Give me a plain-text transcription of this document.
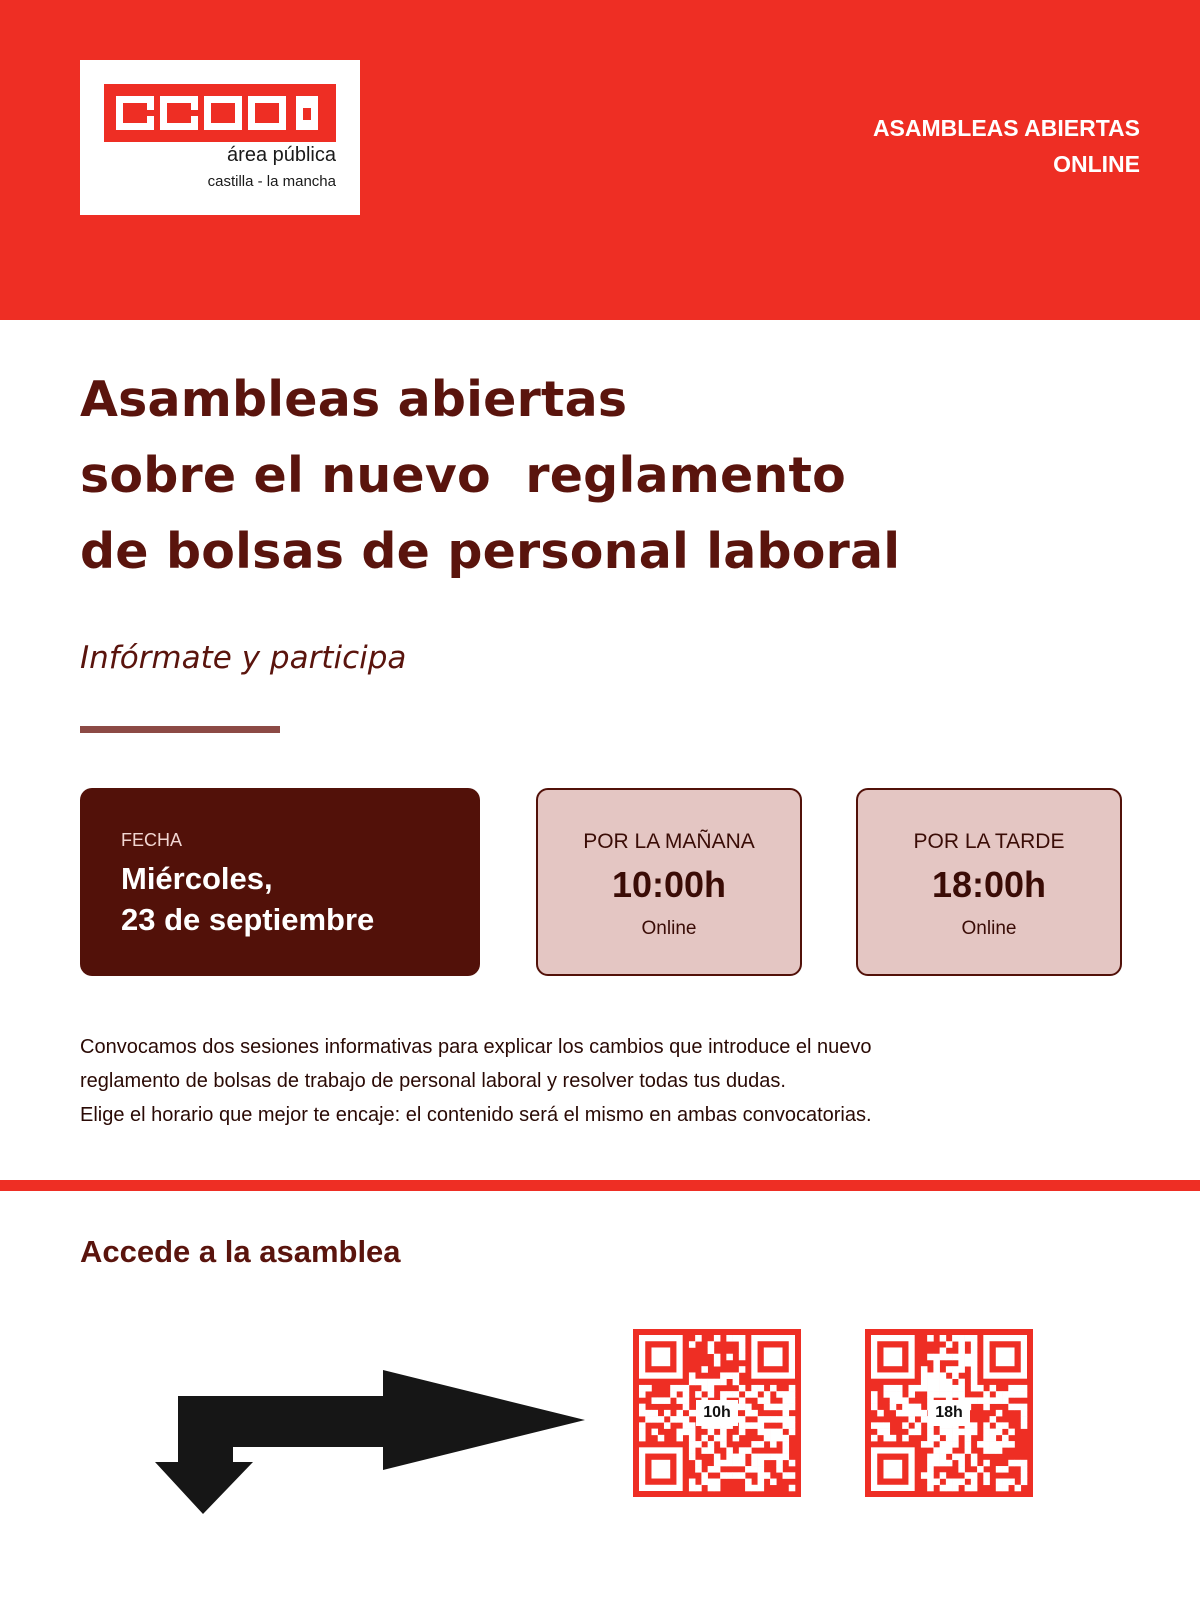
área pública
castilla - la mancha
ASAMBLEAS ABIERTAS
ONLINE
Asambleas abiertas
sobre el nuevo  reglamento
de bolsas de personal laboral
Infórmate y participa
FECHA
Miércoles,
23 de septiembre
POR LA MAÑANA
10:00h
Online
POR LA TARDE
18:00h
Online
Convocamos dos sesiones informativas para explicar los cambios que introduce el nuevo
reglamento de bolsas de trabajo de personal laboral y resolver todas tus dudas.
Elige el horario que mejor te encaje: el contenido será el mismo en ambas convocatorias.
Accede a la asamblea
10h	18h
